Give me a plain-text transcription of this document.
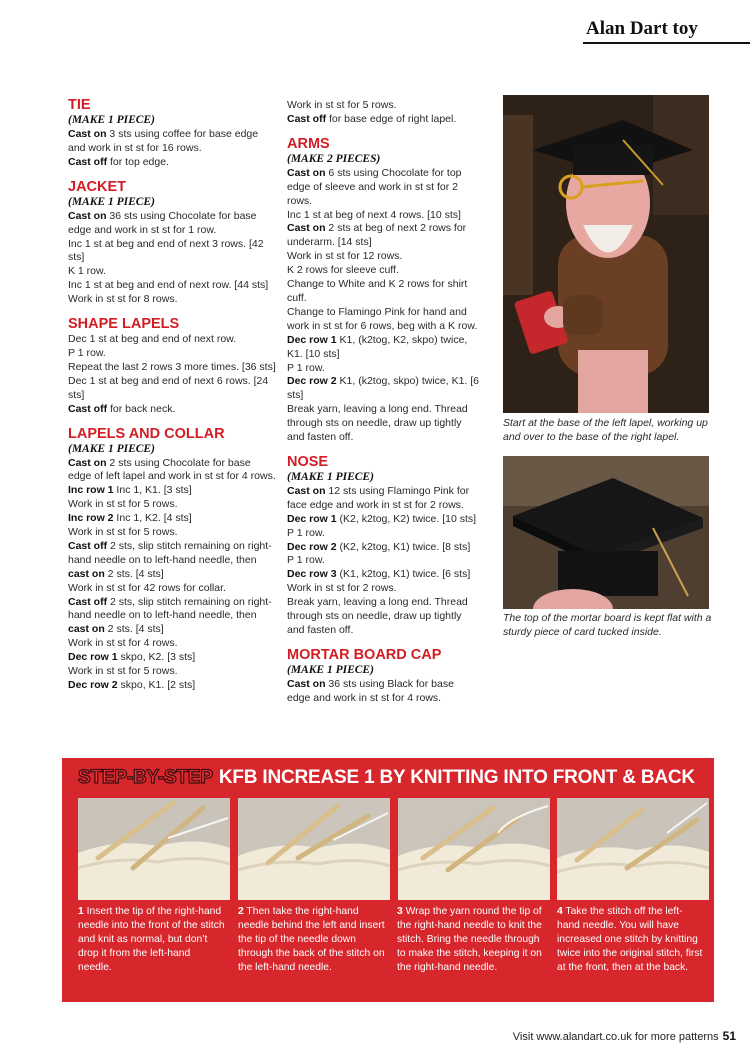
Alan Dart toy
TIE
(MAKE 1 PIECE)

Cast on 3 sts using coffee for base edge and work in st st for 16 rows.

Cast off for top edge.

JACKET
(MAKE 1 PIECE)

Cast on 36 sts using Chocolate for base edge and work in st st for 1 row.

Inc 1 st at beg and end of next 3 rows. [42 sts]

K 1 row.

Inc 1 st at beg and end of next row. [44 sts]

Work in st st for 8 rows.

SHAPE LAPELS

Dec 1 st at beg and end of next row.

P 1 row.

Repeat the last 2 rows 3 more times. [36 sts]

Dec 1 st at beg and end of next 6 rows. [24 sts]

Cast off for back neck.

LAPELS AND COLLAR
(MAKE 1 PIECE)

Cast on 2 sts using Chocolate for base edge of left lapel and work in st st for 4 rows.

Inc row 1 Inc 1, K1. [3 sts]

Work in st st for 5 rows.

Inc row 2 Inc 1, K2. [4 sts]

Work in st st for 5 rows.

Cast off 2 sts, slip stitch remaining on right-hand needle on to left-hand needle, then cast on 2 sts. [4 sts]

Work in st st for 42 rows for collar.

Cast off 2 sts, slip stitch remaining on right-hand needle on to left-hand needle, then cast on 2 sts. [4 sts]

Work in st st for 4 rows.

Dec row 1 skpo, K2. [3 sts]

Work in st st for 5 rows.

Dec row 2 skpo, K1. [2 sts]

Work in st st for 5 rows.

Cast off for base edge of right lapel.

ARMS
(MAKE 2 PIECES)

Cast on 6 sts using Chocolate for top edge of sleeve and work in st st for 2 rows.

Inc 1 st at beg of next 4 rows. [10 sts]

Cast on 2 sts at beg of next 2 rows for underarm. [14 sts]

Work in st st for 12 rows.

K 2 rows for sleeve cuff.

Change to White and K 2 rows for shirt cuff.

Change to Flamingo Pink for hand and work in st st for 6 rows, beg with a K row.

Dec row 1 K1, (k2tog, K2, skpo) twice, K1. [10 sts]

P 1 row.

Dec row 2 K1, (k2tog, skpo) twice, K1. [6 sts]

Break yarn, leaving a long end. Thread through sts on needle, draw up tightly and fasten off.

NOSE
(MAKE 1 PIECE)

Cast on 12 sts using Flamingo Pink for face edge and work in st st for 2 rows.

Dec row 1 (K2, k2tog, K2) twice. [10 sts]

P 1 row.

Dec row 2 (K2, k2tog, K1) twice. [8 sts]

P 1 row.

Dec row 3 (K1, k2tog, K1) twice. [6 sts]

Work in st st for 2 rows.

Break yarn, leaving a long end. Thread through sts on needle, draw up tightly and fasten off.

MORTAR BOARD CAP
(MAKE 1 PIECE)

Cast on 36 sts using Black for base edge and work in st st for 4 rows.

Start at the base of the left lapel, working up and over to the base of the right lapel.
The top of the mortar board is kept flat with a sturdy piece of card tucked inside.
STEP-BY-STEP KFB INCREASE 1 BY KNITTING INTO FRONT & BACK
1 Insert the tip of the right-hand needle into the front of the stitch and knit as normal, but don’t drop it from the left-hand needle.
2 Then take the right-hand needle behind the left and insert the tip of the needle down through the back of the stitch on the left-hand needle.
3 Wrap the yarn round the tip of the right-hand needle to knit the stitch. Bring the needle through to make the stitch, keeping it on the right-hand needle.
4 Take the stitch off the left-hand needle. You will have increased one stitch by knitting twice into the original stitch, first at the front, then at the back.
Visit www.alandart.co.uk for more patterns 51
